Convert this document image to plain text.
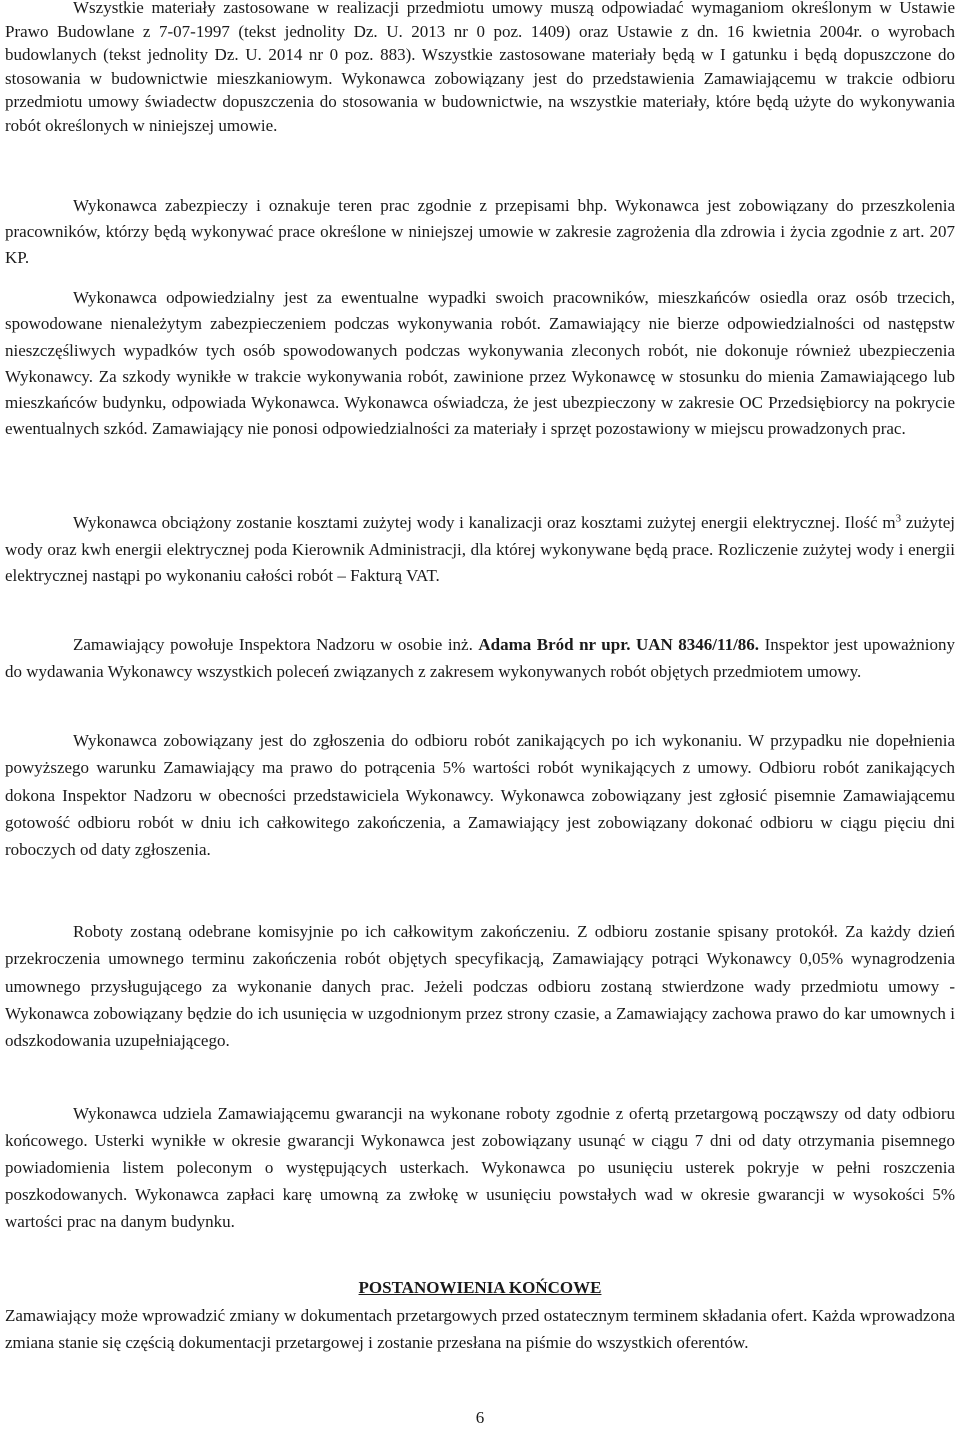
Wszystkie materiały zastosowane w realizacji przedmiotu umowy muszą odpowiadać wymaganiom określonym w Ustawie Prawo Budowlane z 7-07-1997 (tekst jednolity Dz. U. 2013 nr 0 poz. 1409) oraz Ustawie z dn. 16 kwietnia 2004r. o wyrobach budowlanych (tekst jednolity Dz. U. 2014 nr 0 poz. 883). Wszystkie zastosowane materiały będą w I gatunku i będą dopuszczone do stosowania w budownictwie mieszkaniowym. Wykonawca zobowiązany jest do przedstawienia Zamawiającemu w trakcie odbioru przedmiotu umowy świadectw dopuszczenia do stosowania w budownictwie, na wszystkie materiały, które będą użyte do wykonywania robót określonych w niniejszej umowie.

Wykonawca zabezpieczy i oznakuje teren prac zgodnie z przepisami bhp. Wykonawca jest zobowiązany do przeszkolenia pracowników, którzy będą wykonywać prace określone w niniejszej umowie w zakresie zagrożenia dla zdrowia i życia zgodnie z art. 207 KP.

Wykonawca odpowiedzialny jest za ewentualne wypadki swoich pracowników, mieszkańców osiedla oraz osób trzecich, spowodowane nienależytym zabezpieczeniem podczas wykonywania robót. Zamawiający nie bierze odpowiedzialności od następstw nieszczęśliwych wypadków tych osób spowodowanych podczas wykonywania zleconych robót, nie dokonuje również ubezpieczenia Wykonawcy. Za szkody wynikłe w trakcie wykonywania robót, zawinione przez Wykonawcę w stosunku do mienia Zamawiającego lub mieszkańców budynku, odpowiada Wykonawca. Wykonawca oświadcza, że jest ubezpieczony w zakresie OC Przedsiębiorcy na pokrycie ewentualnych szkód. Zamawiający nie ponosi odpowiedzialności za materiały i sprzęt pozostawiony w miejscu prowadzonych prac.

Wykonawca obciążony zostanie kosztami zużytej wody i kanalizacji oraz kosztami zużytej energii elektrycznej. Ilość $m^3$ zużytej wody oraz kwh energii elektrycznej poda Kierownik Administracji, dla której wykonywane będą prace. Rozliczenie zużytej wody i energii elektrycznej nastąpi po wykonaniu całości robót – Fakturą VAT.

Zamawiający powołuje Inspektora Nadzoru w osobie inż. Adama Bród nr upr. UAN 8346/11/86. Inspektor jest upoważniony do wydawania Wykonawcy wszystkich poleceń związanych z zakresem wykonywanych robót objętych przedmiotem umowy.

Wykonawca zobowiązany jest do zgłoszenia do odbioru robót zanikających po ich wykonaniu. W przypadku nie dopełnienia powyższego warunku Zamawiający ma prawo do potrącenia 5% wartości robót wynikających z umowy. Odbioru robót zanikających dokona Inspektor Nadzoru w obecności przedstawiciela Wykonawcy. Wykonawca zobowiązany jest zgłosić pisemnie Zamawiającemu gotowość odbioru robót w dniu ich całkowitego zakończenia, a Zamawiający jest zobowiązany dokonać odbioru w ciągu pięciu dni roboczych od daty zgłoszenia.

Roboty zostaną odebrane komisyjnie po ich całkowitym zakończeniu. Z odbioru zostanie spisany protokół. Za każdy dzień przekroczenia umownego terminu zakończenia robót objętych specyfikacją, Zamawiający potrąci Wykonawcy 0,05% wynagrodzenia umownego przysługującego za wykonanie danych prac. Jeżeli podczas odbioru zostaną stwierdzone wady przedmiotu umowy - Wykonawca zobowiązany będzie do ich usunięcia w uzgodnionym przez strony czasie, a Zamawiający zachowa prawo do kar umownych i odszkodowania uzupełniającego.

Wykonawca udziela Zamawiającemu gwarancji na wykonane roboty zgodnie z ofertą przetargową począwszy od daty odbioru końcowego. Usterki wynikłe w okresie gwarancji Wykonawca jest zobowiązany usunąć w ciągu 7 dni od daty otrzymania pisemnego powiadomienia listem poleconym o występujących usterkach. Wykonawca po usunięciu usterek pokryje w pełni roszczenia poszkodowanych. Wykonawca zapłaci karę umowną za zwłokę w usunięciu powstałych wad w okresie gwarancji w wysokości 5% wartości prac na danym budynku.

POSTANOWIENIA KOŃCOWE

Zamawiający może wprowadzić zmiany w dokumentach przetargowych przed ostatecznym terminem składania ofert. Każda wprowadzona zmiana stanie się częścią dokumentacji przetargowej i zostanie przesłana na piśmie do wszystkich oferentów.

6
